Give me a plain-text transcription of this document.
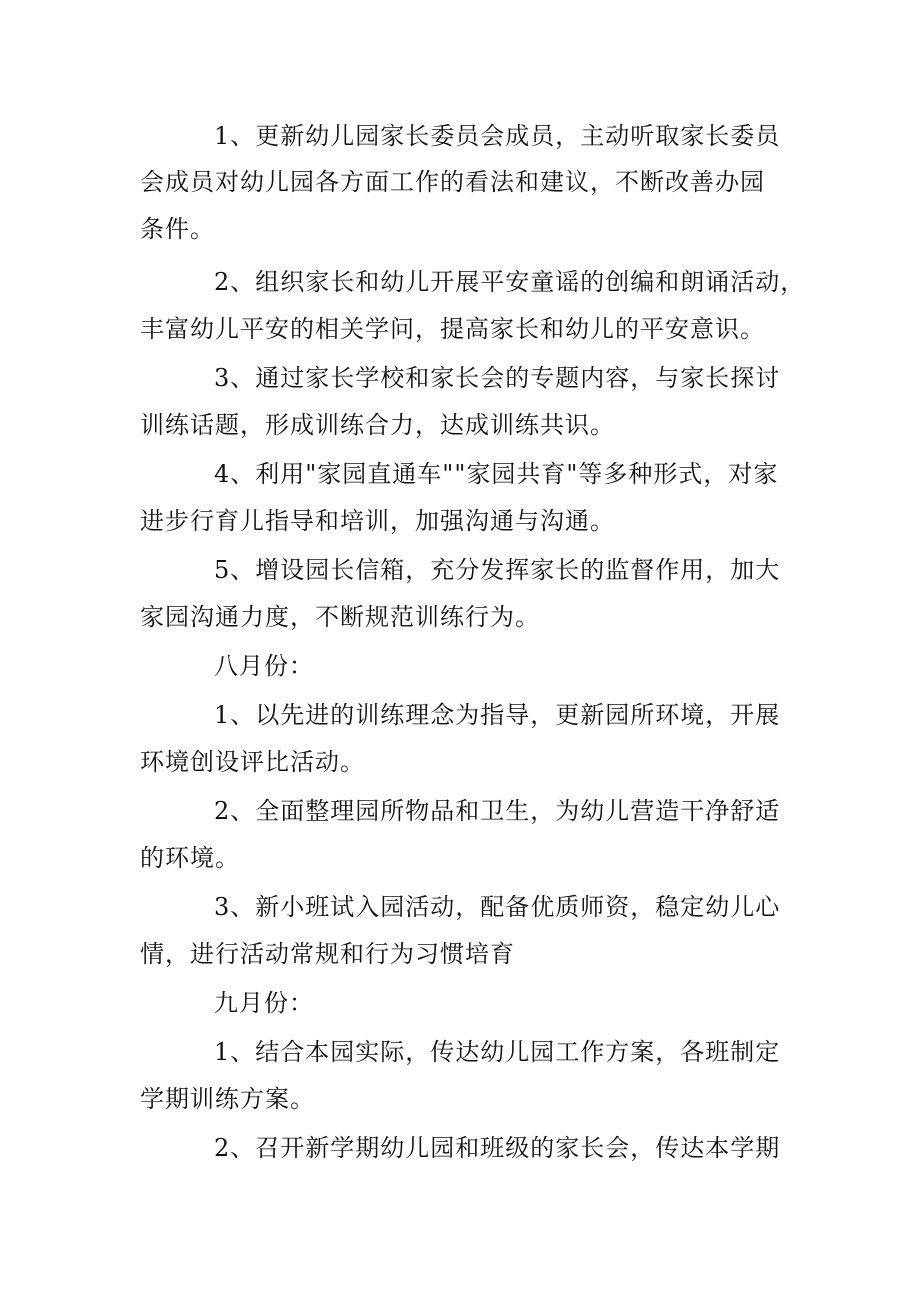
1、更新幼儿园家长委员会成员，主动听取家长委员
会成员对幼儿园各方面工作的看法和建议，不断改善办园
条件。
2、组织家长和幼儿开展平安童谣的创编和朗诵活动，
丰富幼儿平安的相关学问，提高家长和幼儿的平安意识。
3、通过家长学校和家长会的专题内容，与家长探讨
训练话题，形成训练合力，达成训练共识。
4、利用"家园直通车""家园共育"等多种形式，对家
进步行育儿指导和培训，加强沟通与沟通。
5、增设园长信箱，充分发挥家长的监督作用，加大
家园沟通力度，不断规范训练行为。
八月份：
1、以先进的训练理念为指导，更新园所环境，开展
环境创设评比活动。
2、全面整理园所物品和卫生，为幼儿营造干净舒适
的环境。
3、新小班试入园活动，配备优质师资，稳定幼儿心
情，进行活动常规和行为习惯培育
九月份：
1、结合本园实际，传达幼儿园工作方案，各班制定
学期训练方案。
2、召开新学期幼儿园和班级的家长会，传达本学期
